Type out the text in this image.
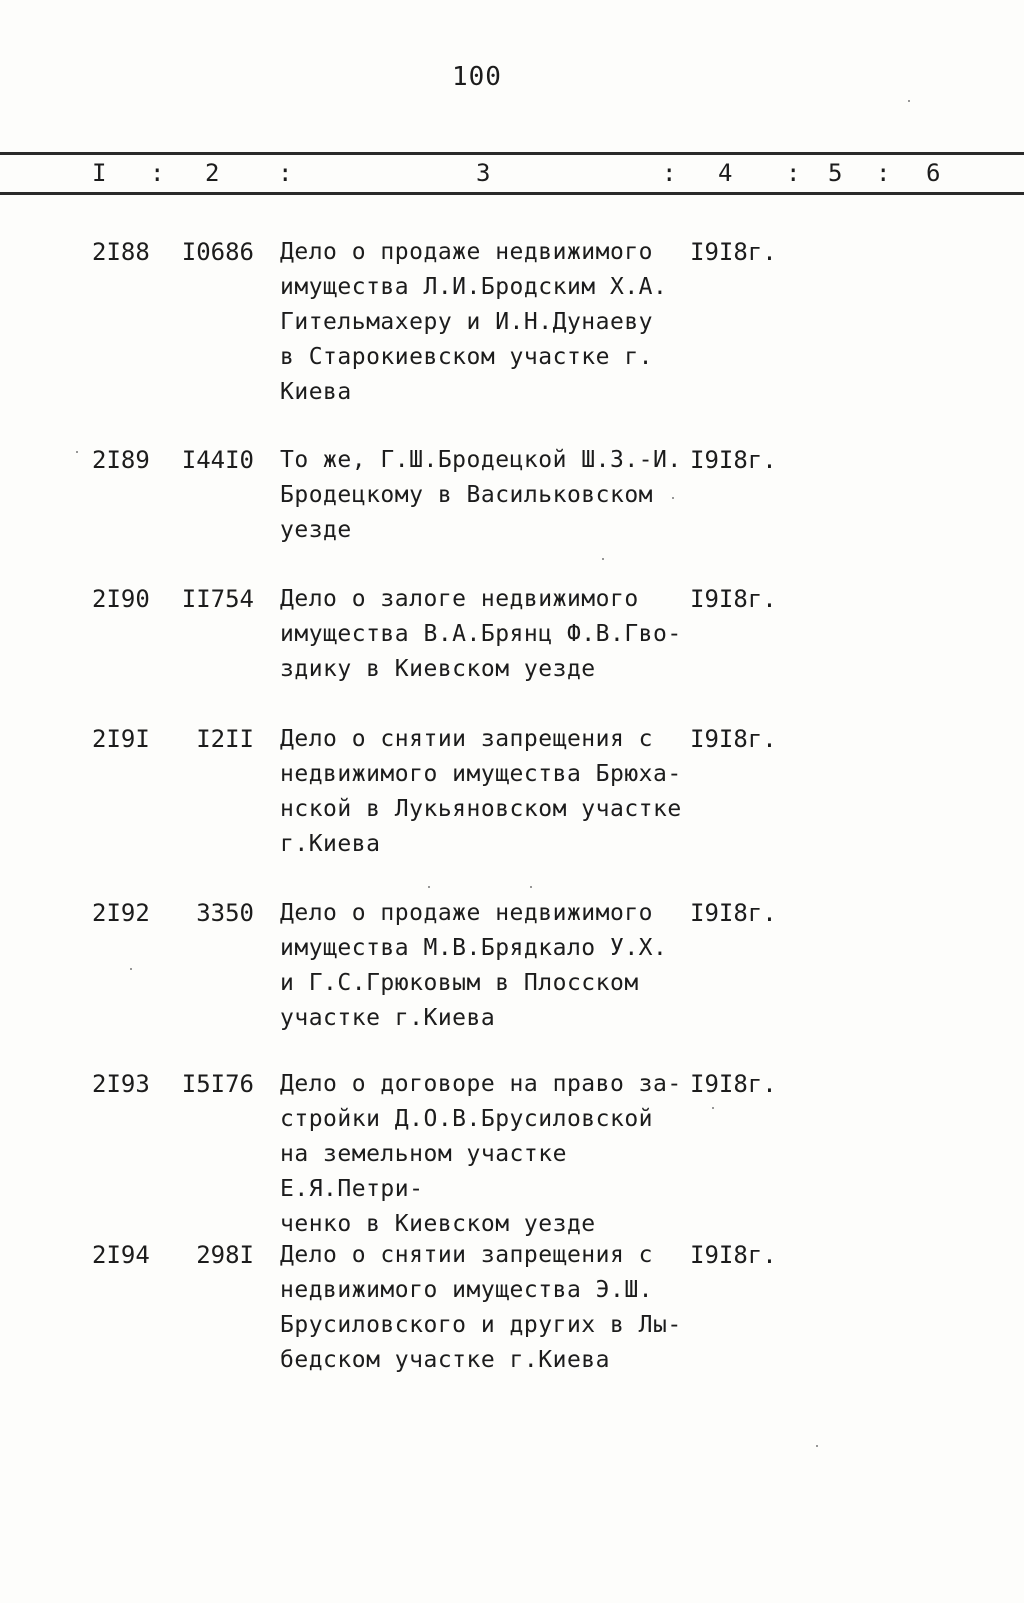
100
I : 2 :	3	: 4 : 5 : 6
2I88 I0686 Дело о продаже недвижимого
имущества Л.И.Бродским Х.А.
Гительмахеру и И.Н.Дунаеву
в Старокиевском участке г.
Киева
I9I8г.
2I89 I44I0 То же, Г.Ш.Бродецкой Ш.З.-И.
Бродецкому в Васильковском
уезде
I9I8г.
2I90 II754 Дело о залоге недвижимого
имущества В.А.Брянц Ф.В.Гво-
здику в Киевском уезде
I9I8г.
2I9I I2II Дело о снятии запрещения с
недвижимого имущества Брюха-
нской в Лукьяновском участке
г.Киева
I9I8г.
2I92 3350 Дело о продаже недвижимого
имущества М.В.Брядкало У.Х.
и Г.С.Грюковым в Плосском
участке г.Киева
I9I8г.
2I93 I5I76 Дело о договоре на право за-
стройки Д.О.В.Брусиловской
на земельном участке Е.Я.Петри-
ченко в Киевском уезде
I9I8г.
2I94 298I Дело о снятии запрещения с
недвижимого имущества Э.Ш.
Брусиловского и других в Лы-
бедском участке г.Киева
I9I8г.
